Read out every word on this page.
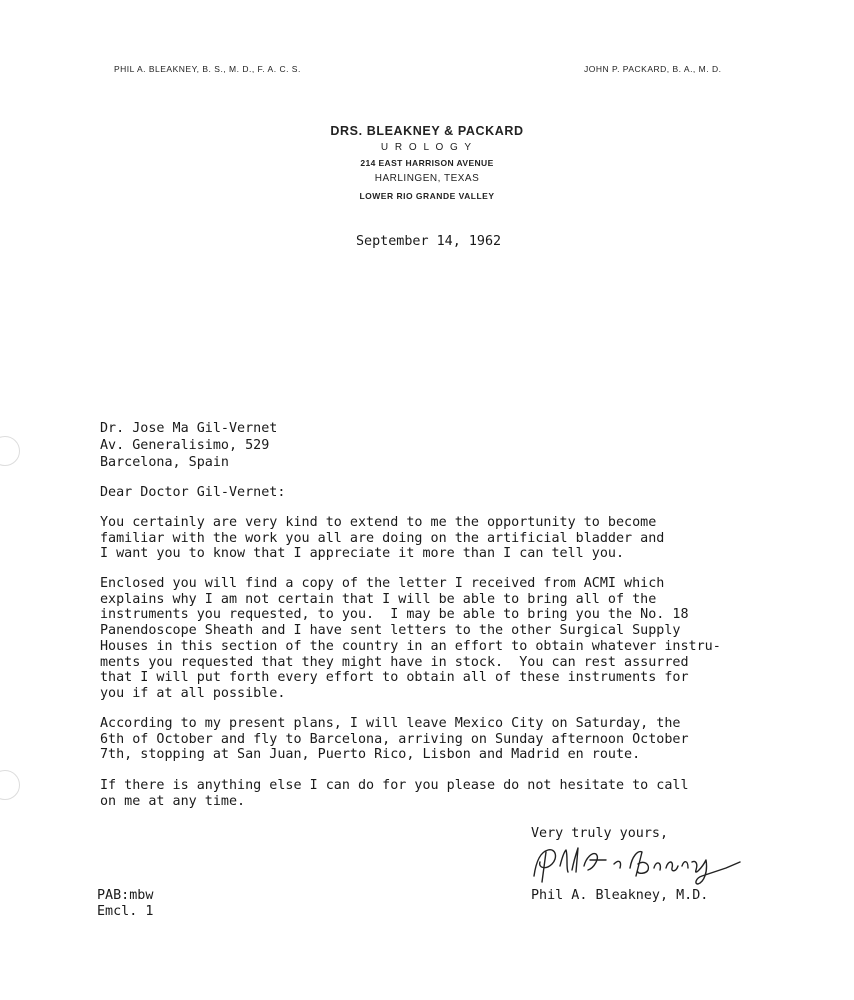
PHIL A. BLEAKNEY, B. S., M. D., F. A. C. S.	JOHN P. PACKARD, B. A., M. D.
DRS. BLEAKNEY & PACKARD
U R O L O G Y
214 EAST HARRISON AVENUE
HARLINGEN, TEXAS
LOWER RIO GRANDE VALLEY
September 14, 1962
Dr. Jose Ma Gil-Vernet
Av. Generalisimo, 529
Barcelona, Spain
Dear Doctor Gil-Vernet:
You certainly are very kind to extend to me the opportunity to become
familiar with the work you all are doing on the artificial bladder and
I want you to know that I appreciate it more than I can tell you.
Enclosed you will find a copy of the letter I received from ACMI which
explains why I am not certain that I will be able to bring all of the
instruments you requested, to you.  I may be able to bring you the No. 18
Panendoscope Sheath and I have sent letters to the other Surgical Supply
Houses in this section of the country in an effort to obtain whatever instru-
ments you requested that they might have in stock.  You can rest assurred
that I will put forth every effort to obtain all of these instruments for
you if at all possible.
According to my present plans, I will leave Mexico City on Saturday, the
6th of October and fly to Barcelona, arriving on Sunday afternoon October
7th, stopping at San Juan, Puerto Rico, Lisbon and Madrid en route.
If there is anything else I can do for you please do not hesitate to call
on me at any time.
Very truly yours,
PAB:mbw	Phil A. Bleakney, M.D.
Emcl. 1
